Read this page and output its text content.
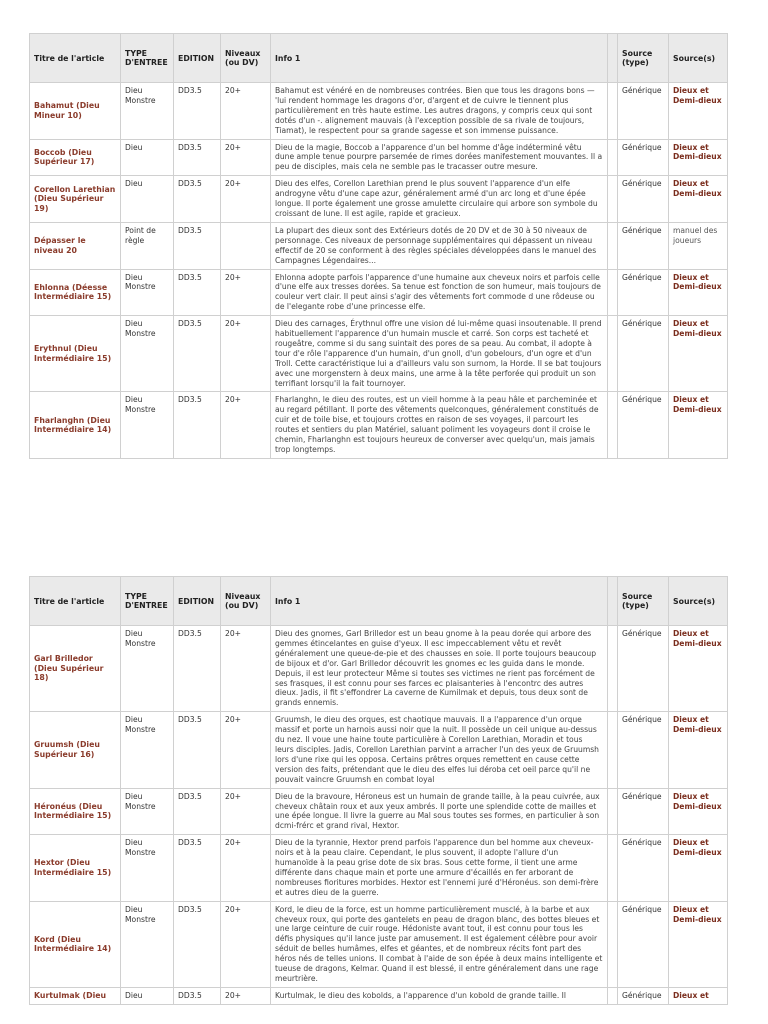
Titre de l'article	TYPE D'ENTREE	EDITION	Niveaux (ou DV)	Info 1		Source (type)	Source(s)
Bahamut (Dieu Mineur 10)	Dieu Monstre	DD3.5	20+	Bahamut est vénéré en de nombreuses contrées. Bien que tous les dragons bons — 'lui rendent hommage les dragons d'or, d'argent et de cuivre le tiennent plus particulièrement en très haute estime. Les autres dragons, y compris ceux qui sont dotés d'un -. alignement mauvais (à l'exception possible de sa rivale de toujours, Tiamat), le respectent pour sa grande sagesse et son immense puissance.		Générique	Dieux et Demi-dieux
Boccob (Dieu Supérieur 17)	Dieu	DD3.5	20+	Dieu de la magie, Boccob a l'apparence d'un bel homme d'âge indéterminé vêtu dune ample tenue pourpre parsemée de rimes dorées manifestement mouvantes. Il a peu de disciples, mais cela ne semble pas le tracasser outre mesure.		Générique	Dieux et Demi-dieux
Corellon Larethian (Dieu Supérieur 19)	Dieu	DD3.5	20+	Dieu des elfes, Corellon Larethian prend le plus souvent l'apparence d'un elfe androgyne vêtu d'une cape azur, généralement armé d'un arc long et d'une épée longue. Il porte également une grosse amulette circulaire qui arbore son symbole du croissant de lune. Il est agile, rapide et gracieux.		Générique	Dieux et Demi-dieux
Dépasser le niveau 20	Point de règle	DD3.5		La plupart des dieux sont des Extérieurs dotés de 20 DV et de 30 à 50 niveaux de personnage. Ces niveaux de personnage supplémentaires qui dépassent un niveau effectif de 20 se conforment à des règles spéciales développées dans le manuel des Campagnes Légendaires...		Générique	manuel des joueurs
Ehlonna (Déesse Intermédiaire 15)	Dieu Monstre	DD3.5	20+	Ehlonna adopte parfois l'apparence d'une humaine aux cheveux noirs et parfois celle d'une elfe aux tresses dorées. Sa tenue est fonction de son humeur, mais toujours de couleur vert clair. Il peut ainsi s'agir des vêtements fort commode d une rôdeuse ou de l'elegante robe d'une princesse elfe.		Générique	Dieux et Demi-dieux
Erythnul (Dieu Intermédiaire 15)	Dieu Monstre	DD3.5	20+	Dieu des carnages, Érythnul offre une vision dé lui-même quasi insoutenable. Il prend habituellement l'apparence d'un humain muscle et carré. Son corps est tacheté et rougeâtre, comme si du sang suintait des pores de sa peau. Au combat, il adopte à tour d'e rôle l'apparence d'un humain, d'un gnoll, d'un gobelours, d'un ogre et d'un Troll. Cette caractéristique lui a d'ailleurs valu son surnom, la Horde. Il se bat toujours avec une morgenstern à deux mains, une arme à la tête perforée qui produit un son terrifiant lorsqu'il la fait tournoyer.		Générique	Dieux et Demi-dieux
Fharlanghn (Dieu Intermédiaire 14)	Dieu Monstre	DD3.5	20+	Fharlanghn, le dieu des routes, est un vieil homme à la peau hâle et parcheminée et au regard pétillant. Il porte des vêtements quelconques, généralement constitués de cuir et de toile bise, et toujours crottes en raison de ses voyages, il parcourt les routes et sentiers du plan Matériel, saluant poliment les voyageurs dont il croise le chemin, Fharlanghn est toujours heureux de converser avec quelqu'un, mais jamais trop longtemps.		Générique	Dieux et Demi-dieux
Titre de l'article	TYPE D'ENTREE	EDITION	Niveaux (ou DV)	Info 1		Source (type)	Source(s)
Garl Brilledor (Dieu Supérieur 18)	Dieu Monstre	DD3.5	20+	Dieu des gnomes, Garl Brilledor est un beau gnome à la peau dorée qui arbore des gemmes étincelantes en guise d'yeux. Il esc impeccablement vêtu et revêt généralement une queue-de-pie et des chausses en soie. Il porte toujours beaucoup de bijoux et d'or. Garl Brilledor découvrit les gnomes ec les guida dans le monde. Depuis, il est leur protecteur Même si toutes ses victimes ne rient pas forcément de ses frasques, il est connu pour ses farces ec plaisanteries à l'encontrc des autres dieux. Jadis, il fit s'effondrer La caverne de Kumilmak et depuis, tous deux sont de grands ennemis.		Générique	Dieux et Demi-dieux
Gruumsh (Dieu Supérieur 16)	Dieu Monstre	DD3.5	20+	Gruumsh, le dieu des orques, est chaotique mauvais. Il a l'apparence d'un orque massif et porte un harnois aussi noir que la nuit. Il possède un ceil unique au-dessus du nez. Il voue une haine toute particulière à Corellon Larethian, Moradin et tous leurs disciples. Jadis, Corellon Larethian parvint a arracher l'un des yeux de Gruumsh lors d'une rixe qui les opposa. Certains prêtres orques remettent en cause cette version des faits, prétendant que le dieu des elfes lui déroba cet oeil parce qu'il ne pouvait vaincre Gruumsh en combat loyal		Générique	Dieux et Demi-dieux
Héronéus (Dieu Intermédiaire 15)	Dieu Monstre	DD3.5	20+	Dieu de la bravoure, Héroneus est un humain de grande taille, à la peau cuivrée, aux cheveux châtain roux et aux yeux ambrés. Il porte une splendide cotte de mailles et une épée longue. Il livre la guerre au Mal sous toutes ses formes, en particulier à son dcmi-frérc et grand rival, Hextor.		Générique	Dieux et Demi-dieux
Hextor (Dieu Intermédiaire 15)	Dieu Monstre	DD3.5	20+	Dieu de la tyrannie, Hextor prend parfois l'apparence dun bel homme aux cheveux-noirs et à la peau claire. Cependant, le plus souvent, il adopte l'allure d'un humanoïde à la peau grise dote de six bras. Sous cette forme, il tient une arme différente dans chaque main et porte une armure d'écaillés en fer arborant de nombreuses fioritures morbides. Hextor est l'ennemi juré d'Héronéus. son demi-frère et autres dieu de la guerre.		Générique	Dieux et Demi-dieux
Kord (Dieu Intermédiaire 14)	Dieu Monstre	DD3.5	20+	Kord, le dieu de la force, est un homme particulièrement musclé, à la barbe et aux cheveux roux, qui porte des gantelets en peau de dragon blanc, des bottes bleues et une large ceinture de cuir rouge. Hédoniste avant tout, il est connu pour tous les défis physiques qu'il lance juste par amusement. Il est également célèbre pour avoir séduit de belles humâmes, elfes et géantes, et de nombreux récits font part des héros nés de telles unions. Il combat à l'aide de son épée à deux mains intelligente et tueuse de dragons, Kelmar. Quand il est blessé, il entre généralement dans une rage meurtrière.		Générique	Dieux et Demi-dieux
Kurtulmak (Dieu	Dieu	DD3.5	20+	Kurtulmak, le dieu des kobolds, a l'apparence d'un kobold de grande taille. Il		Générique	Dieux et
